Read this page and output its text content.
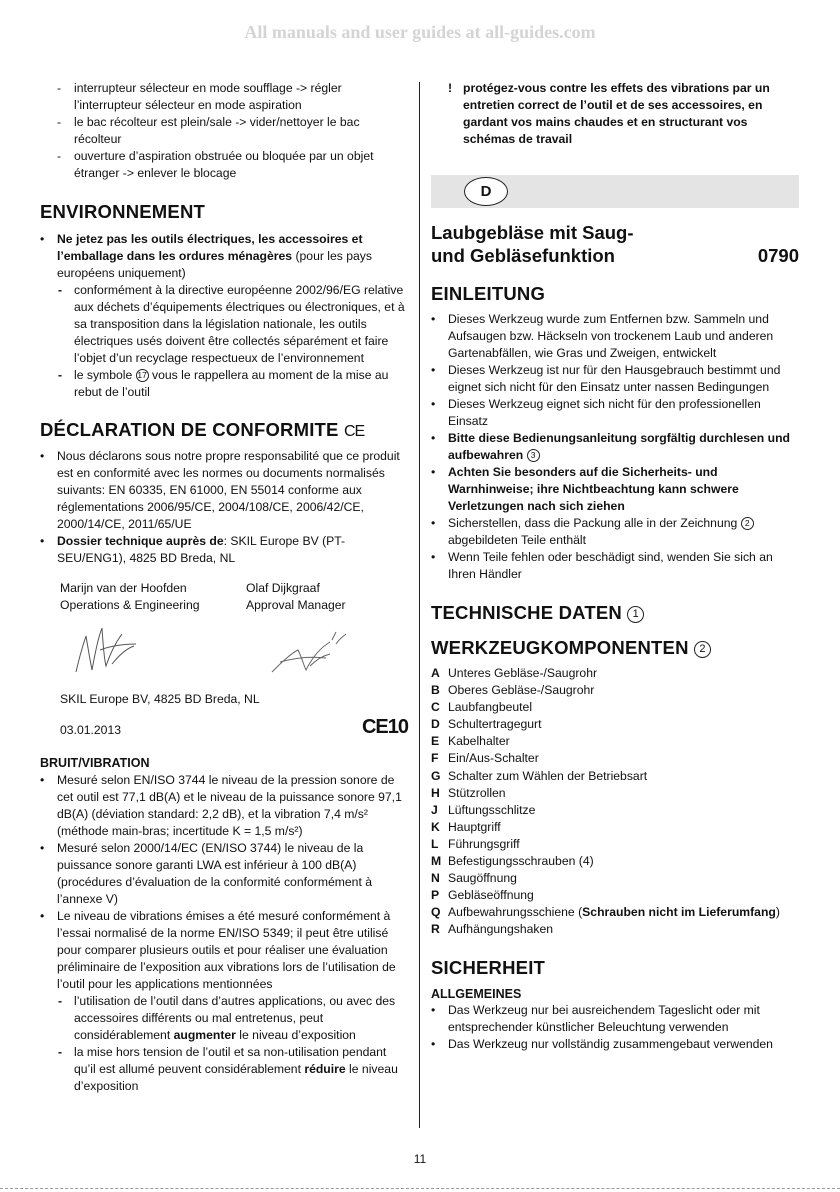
All manuals and user guides at all-guides.com
- interrupteur sélecteur en mode soufflage -> régler l’interrupteur sélecteur en mode aspiration
- le bac récolteur est plein/sale -> vider/nettoyer le bac récolteur
- ouverture d’aspiration obstruée ou bloquée par un objet étranger -> enlever le blocage
ENVIRONNEMENT
• Ne jetez pas les outils électriques, les accessoires et l’emballage dans les ordures ménagères (pour les pays européens uniquement)
- conformément à la directive européenne 2002/96/EG relative aux déchets d’équipements électriques ou électroniques, et à sa transposition dans la législation nationale, les outils électriques usés doivent être collectés séparément et faire l’objet d’un recyclage respectueux de l’environnement
- le symbole 17 vous le rappellera au moment de la mise au rebut de l’outil
DÉCLARATION DE CONFORMITE CE
• Nous déclarons sous notre propre responsabilité que ce produit est en conformité avec les normes ou documents normalisés suivants: EN 60335, EN 61000, EN 55014 conforme aux réglementations 2006/95/CE, 2004/108/CE, 2006/42/CE, 2000/14/CE, 2011/65/UE
• Dossier technique auprès de: SKIL Europe BV (PT-SEU/ENG1), 4825 BD Breda, NL
Marijn van der Hoofden
Operations & Engineering
Olaf Dijkgraaf
Approval Manager
SKIL Europe BV, 4825 BD Breda, NL
03.01.2013	CE10
BRUIT/VIBRATION
• Mesuré selon EN/ISO 3744 le niveau de la pression sonore de cet outil est 77,1 dB(A) et le niveau de la puissance sonore 97,1 dB(A) (déviation standard: 2,2 dB), et la vibration 7,4 m/s² (méthode main-bras; incertitude K = 1,5 m/s²)
• Mesuré selon 2000/14/EC (EN/ISO 3744) le niveau de la puissance sonore garanti LWA est inférieur à 100 dB(A) (procédures d’évaluation de la conformité conformément à l’annexe V)
• Le niveau de vibrations émises a été mesuré conformément à l’essai normalisé de la norme EN/ISO 5349; il peut être utilisé pour comparer plusieurs outils et pour réaliser une évaluation préliminaire de l’exposition aux vibrations lors de l’utilisation de l’outil pour les applications mentionnées
- l’utilisation de l’outil dans d’autres applications, ou avec des accessoires différents ou mal entretenus, peut considérablement augmenter le niveau d’exposition
- la mise hors tension de l’outil et sa non-utilisation pendant qu’il est allumé peuvent considérablement réduire le niveau d’exposition
! protégez-vous contre les effets des vibrations par un entretien correct de l’outil et de ses accessoires, en gardant vos mains chaudes et en structurant vos schémas de travail
D
Laubgebläse mit Saug-
und Gebläsefunktion	0790
EINLEITUNG
• Dieses Werkzeug wurde zum Entfernen bzw. Sammeln und Aufsaugen bzw. Häckseln von trockenem Laub und anderen Gartenabfällen, wie Gras und Zweigen, entwickelt
• Dieses Werkzeug ist nur für den Hausgebrauch bestimmt und eignet sich nicht für den Einsatz unter nassen Bedingungen
• Dieses Werkzeug eignet sich nicht für den professionellen Einsatz
• Bitte diese Bedienungsanleitung sorgfältig durchlesen und aufbewahren 3
• Achten Sie besonders auf die Sicherheits- und Warnhinweise; ihre Nichtbeachtung kann schwere Verletzungen nach sich ziehen
• Sicherstellen, dass die Packung alle in der Zeichnung 2 abgebildeten Teile enthält
• Wenn Teile fehlen oder beschädigt sind, wenden Sie sich an Ihren Händler
TECHNISCHE DATEN 1
WERKZEUGKOMPONENTEN 2
A Unteres Gebläse-/Saugrohr
B Oberes Gebläse-/Saugrohr
C Laubfangbeutel
D Schultertragegurt
E Kabelhalter
F Ein/Aus-Schalter
G Schalter zum Wählen der Betriebsart
H Stützrollen
J Lüftungsschlitze
K Hauptgriff
L Führungsgriff
M Befestigungsschrauben (4)
N Saugöffnung
P Gebläseöffnung
Q Aufbewahrungsschiene (Schrauben nicht im Lieferumfang)
R Aufhängungshaken
SICHERHEIT
ALLGEMEINES
• Das Werkzeug nur bei ausreichendem Tageslicht oder mit entsprechender künstlicher Beleuchtung verwenden
• Das Werkzeug nur vollständig zusammengebaut verwenden
11
